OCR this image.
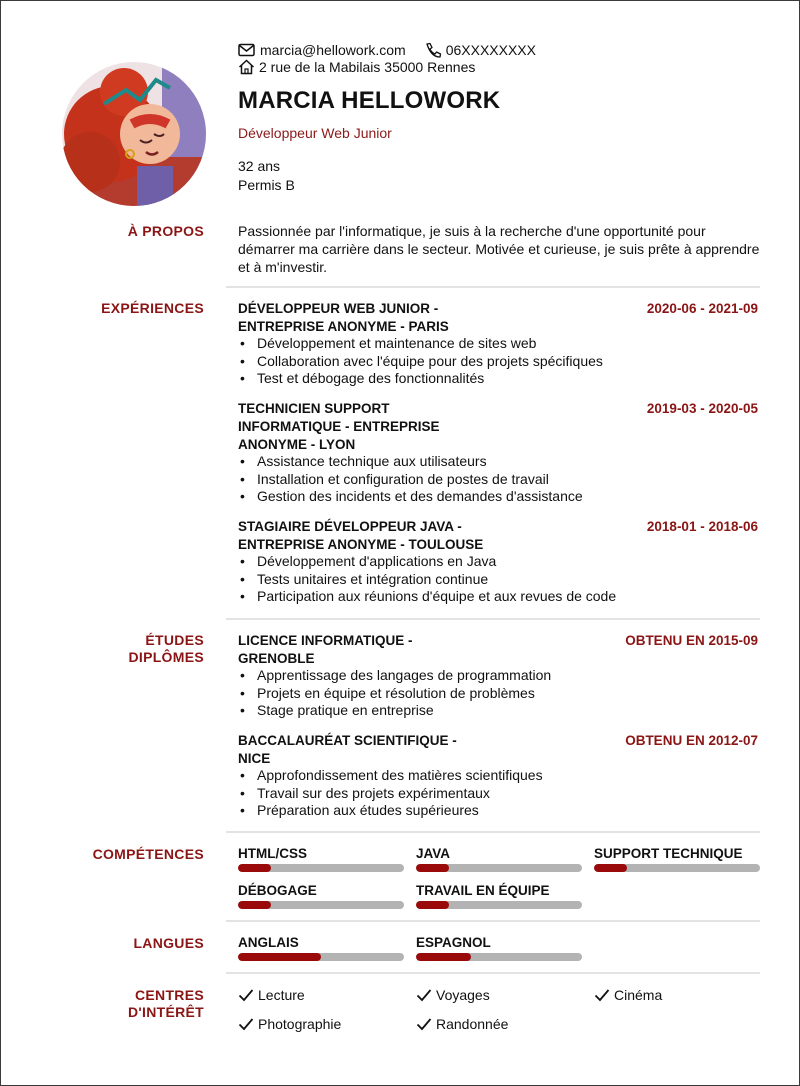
marcia@hellowork.com	06XXXXXXXX
2 rue de la Mabilais 35000 Rennes
MARCIA HELLOWORK
Développeur Web Junior
32 ans
Permis B
À PROPOS Passionnée par l'informatique, je suis à la recherche d'une opportunité pour démarrer ma carrière dans le secteur. Motivée et curieuse, je suis prête à apprendre et à m'investir.
EXPÉRIENCES	DÉVELOPPEUR WEB JUNIOR -
ENTREPRISE ANONYME - PARIS
2020-06 - 2021-09
• Développement et maintenance de sites web
• Collaboration avec l'équipe pour des projets spécifiques
• Test et débogage des fonctionnalités
TECHNICIEN SUPPORT
INFORMATIQUE - ENTREPRISE
ANONYME - LYON
2019-03 - 2020-05
• Assistance technique aux utilisateurs
• Installation et configuration de postes de travail
• Gestion des incidents et des demandes d'assistance
STAGIAIRE DÉVELOPPEUR JAVA -
ENTREPRISE ANONYME - TOULOUSE
2018-01 - 2018-06
• Développement d'applications en Java
• Tests unitaires et intégration continue
• Participation aux réunions d'équipe et aux revues de code
ÉTUDES
DIPLÔMES
LICENCE INFORMATIQUE -
GRENOBLE
OBTENU EN 2015-09
• Apprentissage des langages de programmation
• Projets en équipe et résolution de problèmes
• Stage pratique en entreprise
BACCALAURÉAT SCIENTIFIQUE -
NICE
OBTENU EN 2012-07
• Approfondissement des matières scientifiques
• Travail sur des projets expérimentaux
• Préparation aux études supérieures
COMPÉTENCES	HTML/CSS	JAVA	SUPPORT TECHNIQUE
DÉBOGAGE	TRAVAIL EN ÉQUIPE
LANGUES	ANGLAIS	ESPAGNOL
CENTRES
D'INTÉRÊT
Lecture	Voyages	Cinéma
Photographie	Randonnée
